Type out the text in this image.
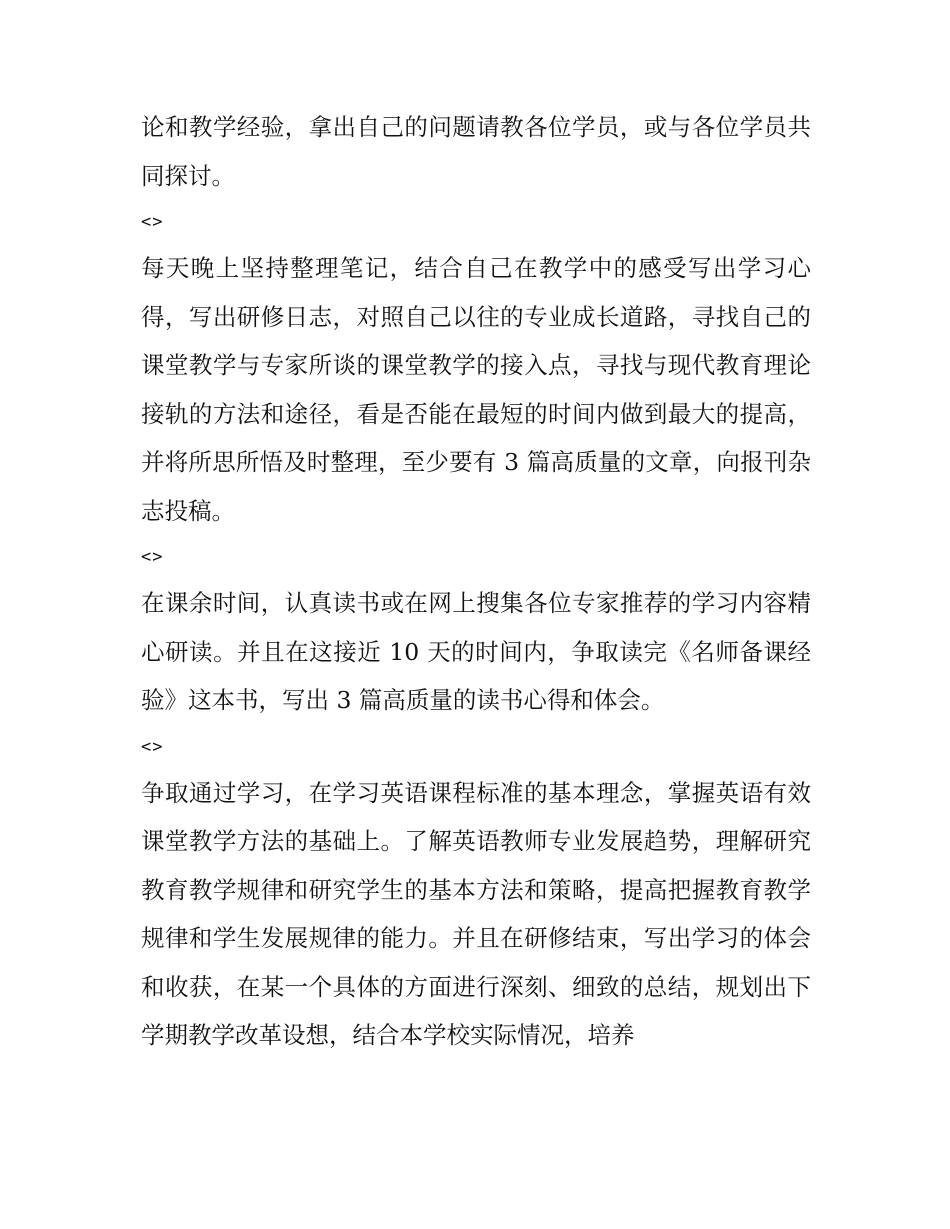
论和教学经验，拿出自己的问题请教各位学员，或与各位学员共同探讨。

<>

每天晚上坚持整理笔记，结合自己在教学中的感受写出学习心得，写出研修日志，对照自己以往的专业成长道路，寻找自己的课堂教学与专家所谈的课堂教学的接入点，寻找与现代教育理论接轨的方法和途径，看是否能在最短的时间内做到最大的提高，并将所思所悟及时整理，至少要有 3 篇高质量的文章，向报刊杂志投稿。

<>

在课余时间，认真读书或在网上搜集各位专家推荐的学习内容精心研读。并且在这接近 10 天的时间内，争取读完《名师备课经验》这本书，写出 3 篇高质量的读书心得和体会。

<>

争取通过学习，在学习英语课程标准的基本理念，掌握英语有效课堂教学方法的基础上。了解英语教师专业发展趋势，理解研究教育教学规律和研究学生的基本方法和策略，提高把握教育教学规律和学生发展规律的能力。并且在研修结束，写出学习的体会和收获，在某一个具体的方面进行深刻、细致的总结，规划出下学期教学改革设想，结合本学校实际情况，培养
